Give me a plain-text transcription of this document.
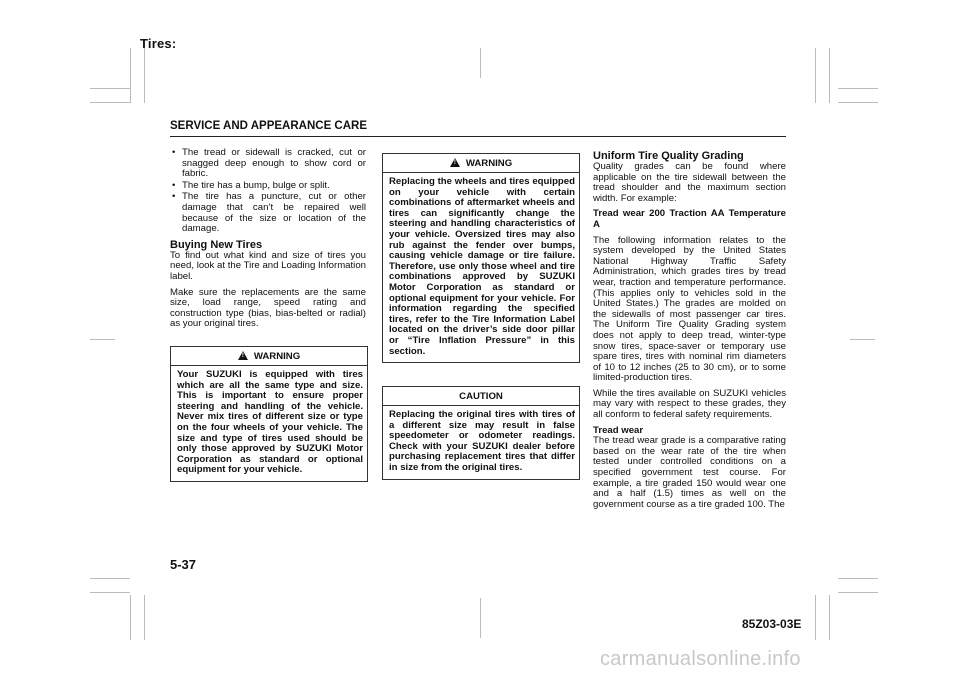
Tires:
SERVICE AND APPEARANCE CARE
• The tread or sidewall is cracked, cut or snagged deep enough to show cord or fabric.
• The tire has a bump, bulge or split.
• The tire has a puncture, cut or other damage that can’t be repaired well because of the size or location of the damage.
Buying New Tires

To find out what kind and size of tires you need, look at the Tire and Loading Information label.

Make sure the replacements are the same size, load range, speed rating and construction type (bias, bias-belted or radial) as your original tires.

! WARNING
Your SUZUKI is equipped with tires which are all the same type and size. This is important to ensure proper steering and handling of the vehicle. Never mix tires of different size or type on the four wheels of your vehicle. The size and type of tires used should be only those approved by SUZUKI Motor Corporation as standard or optional equipment for your vehicle.
! WARNING
Replacing the wheels and tires equipped on your vehicle with certain combinations of aftermarket wheels and tires can significantly change the steering and handling characteristics of your vehicle. Oversized tires may also rub against the fender over bumps, causing vehicle damage or tire failure. Therefore, use only those wheel and tire combinations approved by SUZUKI Motor Corporation as standard or optional equipment for your vehicle. For information regarding the specified tires, refer to the Tire Information Label located on the driver’s side door pillar or “Tire Inflation Pressure” in this section.
CAUTION
Replacing the original tires with tires of a different size may result in false speedometer or odometer readings. Check with your SUZUKI dealer before purchasing replacement tires that differ in size from the original tires.
Uniform Tire Quality Grading

Quality grades can be found where applicable on the tire sidewall between the tread shoulder and the maximum section width. For example:

Tread wear 200 Traction AA Temperature A

The following information relates to the system developed by the United States National Highway Traffic Safety Administration, which grades tires by tread wear, traction and temperature performance. (This applies only to vehicles sold in the United States.) The grades are molded on the sidewalls of most passenger car tires. The Uniform Tire Quality Grading system does not apply to deep tread, winter-type snow tires, space-saver or temporary use spare tires, tires with nominal rim diameters of 10 to 12 inches (25 to 30 cm), or to some limited-production tires.

While the tires available on SUZUKI vehicles may vary with respect to these grades, they all conform to federal safety requirements.

Tread wear

The tread wear grade is a comparative rating based on the wear rate of the tire when tested under controlled conditions on a specified government test course. For example, a tire graded 150 would wear one and a half (1.5) times as well on the government course as a tire graded 100. The

5-37
85Z03-03E
carmanualsonline.info
